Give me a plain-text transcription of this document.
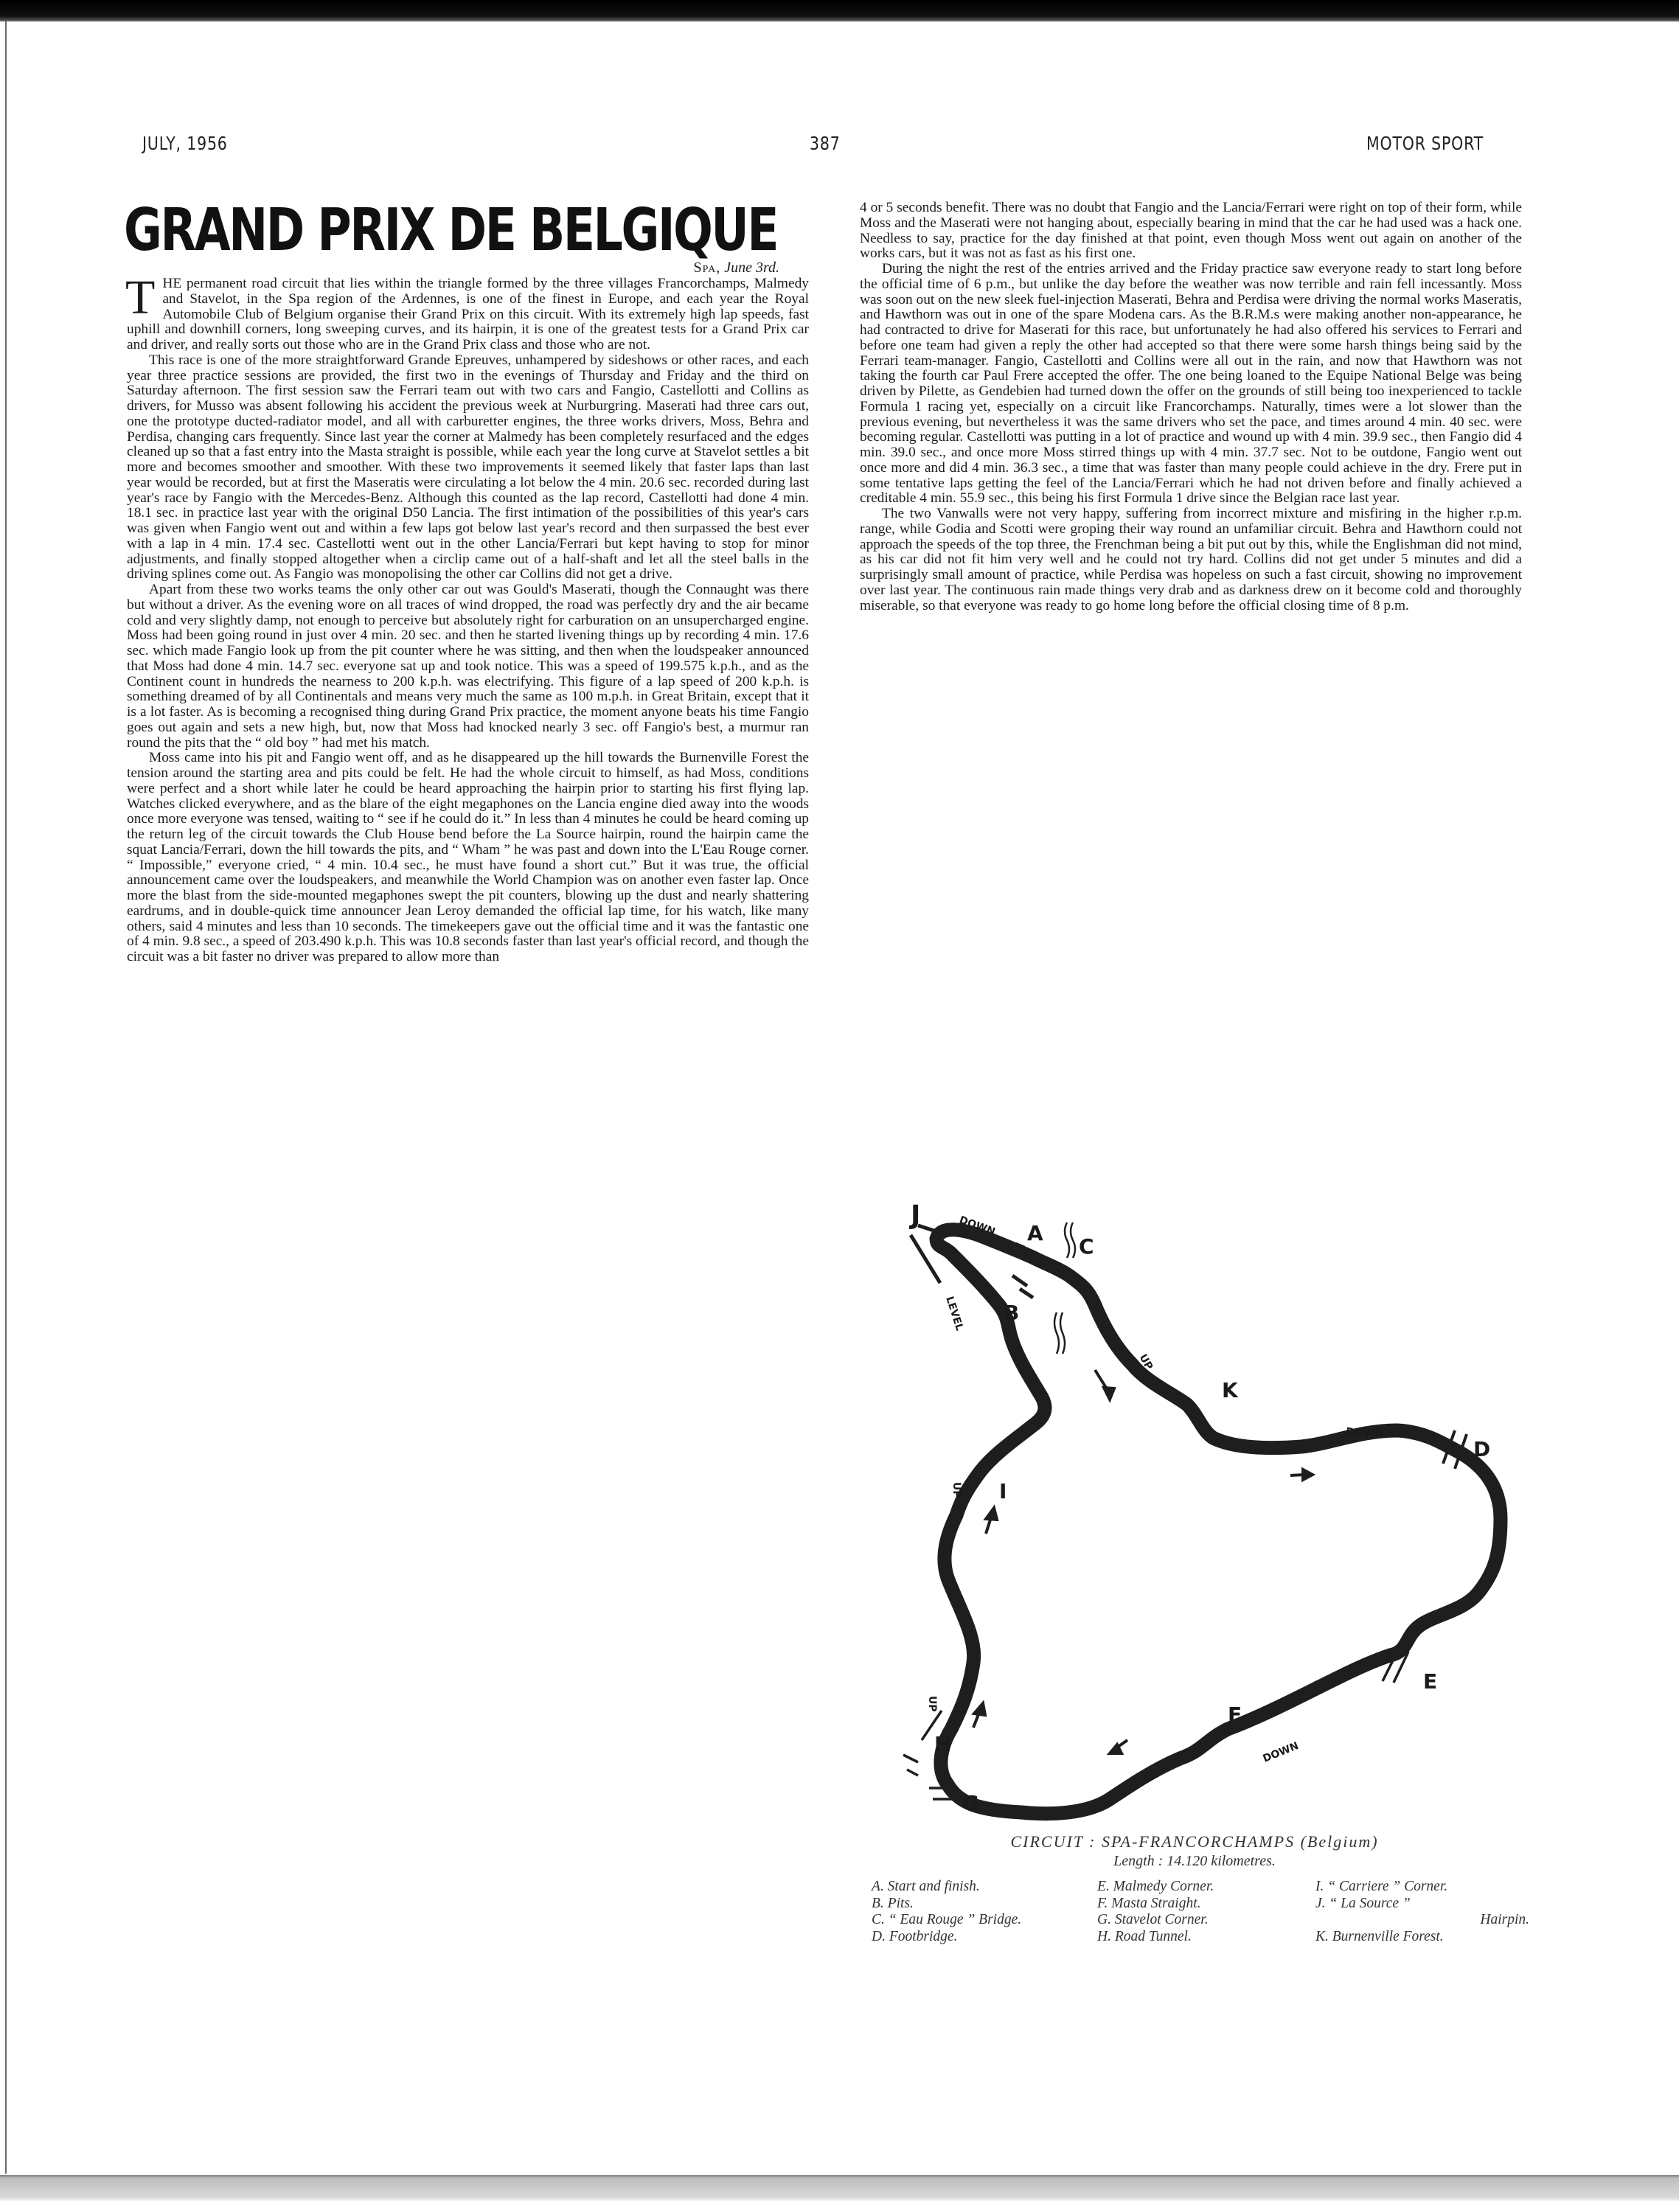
JULY, 1956	387	MOTOR SPORT
GRAND PRIX DE BELGIQUE
Spa, June 3rd.

THE permanent road circuit that lies within the triangle formed by the three villages Francorchamps, Malmedy and Stavelot, in the Spa region of the Ardennes, is one of the finest in Europe, and each year the Royal Automobile Club of Belgium organise their Grand Prix on this circuit. With its extremely high lap speeds, fast uphill and downhill corners, long sweeping curves, and its hairpin, it is one of the greatest tests for a Grand Prix car and driver, and really sorts out those who are in the Grand Prix class and those who are not.

This race is one of the more straightforward Grande Epreuves, unhampered by sideshows or other races, and each year three practice sessions are provided, the first two in the evenings of Thursday and Friday and the third on Saturday afternoon. The first session saw the Ferrari team out with two cars and Fangio, Castellotti and Collins as drivers, for Musso was absent following his accident the previous week at Nurburgring. Maserati had three cars out, one the prototype ducted-radiator model, and all with carburetter engines, the three works drivers, Moss, Behra and Perdisa, changing cars frequently. Since last year the corner at Malmedy has been completely resurfaced and the edges cleaned up so that a fast entry into the Masta straight is possible, while each year the long curve at Stavelot settles a bit more and becomes smoother and smoother. With these two improvements it seemed likely that faster laps than last year would be recorded, but at first the Maseratis were circulating a lot below the 4 min. 20.6 sec. recorded during last year's race by Fangio with the Mercedes-Benz. Although this counted as the lap record, Castellotti had done 4 min. 18.1 sec. in practice last year with the original D50 Lancia. The first intimation of the possibilities of this year's cars was given when Fangio went out and within a few laps got below last year's record and then surpassed the best ever with a lap in 4 min. 17.4 sec. Castellotti went out in the other Lancia/Ferrari but kept having to stop for minor adjustments, and finally stopped altogether when a circlip came out of a half-shaft and let all the steel balls in the driving splines come out. As Fangio was monopolising the other car Collins did not get a drive.

Apart from these two works teams the only other car out was Gould's Maserati, though the Connaught was there but without a driver. As the evening wore on all traces of wind dropped, the road was perfectly dry and the air became cold and very slightly damp, not enough to perceive but absolutely right for carburation on an unsupercharged engine. Moss had been going round in just over 4 min. 20 sec. and then he started livening things up by recording 4 min. 17.6 sec. which made Fangio look up from the pit counter where he was sitting, and then when the loudspeaker announced that Moss had done 4 min. 14.7 sec. everyone sat up and took notice. This was a speed of 199.575 k.p.h., and as the Continent count in hundreds the nearness to 200 k.p.h. was electrifying. This figure of a lap speed of 200 k.p.h. is something dreamed of by all Continentals and means very much the same as 100 m.p.h. in Great Britain, except that it is a lot faster. As is becoming a recognised thing during Grand Prix practice, the moment anyone beats his time Fangio goes out again and sets a new high, but, now that Moss had knocked nearly 3 sec. off Fangio's best, a murmur ran round the pits that the “ old boy ” had met his match.

Moss came into his pit and Fangio went off, and as he disappeared up the hill towards the Burnenville Forest the tension around the starting area and pits could be felt. He had the whole circuit to himself, as had Moss, conditions were perfect and a short while later he could be heard approaching the hairpin prior to starting his first flying lap. Watches clicked everywhere, and as the blare of the eight megaphones on the Lancia engine died away into the woods once more everyone was tensed, waiting to “ see if he could do it.” In less than 4 minutes he could be heard coming up the return leg of the circuit towards the Club House bend before the La Source hairpin, round the hairpin came the squat Lancia/Ferrari, down the hill towards the pits, and “ Wham ” he was past and down into the L'Eau Rouge corner. “ Impossible,” everyone cried, “ 4 min. 10.4 sec., he must have found a short cut.” But it was true, the official announcement came over the loudspeakers, and meanwhile the World Champion was on another even faster lap. Once more the blast from the side-mounted megaphones swept the pit counters, blowing up the dust and nearly shattering eardrums, and in double-quick time announcer Jean Leroy demanded the official lap time, for his watch, like many others, said 4 minutes and less than 10 seconds. The timekeepers gave out the official time and it was the fantastic one of 4 min. 9.8 sec., a speed of 203.490 k.p.h. This was 10.8 seconds faster than last year's official record, and though the circuit was a bit faster no driver was prepared to allow more than

4 or 5 seconds benefit. There was no doubt that Fangio and the Lancia/Ferrari were right on top of their form, while Moss and the Maserati were not hanging about, especially bearing in mind that the car he had used was a hack one. Needless to say, practice for the day finished at that point, even though Moss went out again on another of the works cars, but it was not as fast as his first one.

During the night the rest of the entries arrived and the Friday practice saw everyone ready to start long before the official time of 6 p.m., but unlike the day before the weather was now terrible and rain fell incessantly. Moss was soon out on the new sleek fuel-injection Maserati, Behra and Perdisa were driving the normal works Maseratis, and Hawthorn was out in one of the spare Modena cars. As the B.R.M.s were making another non-appearance, he had contracted to drive for Maserati for this race, but unfortunately he had also offered his services to Ferrari and before one team had given a reply the other had accepted so that there were some harsh things being said by the Ferrari team-manager. Fangio, Castellotti and Collins were all out in the rain, and now that Hawthorn was not taking the fourth car Paul Frere accepted the offer. The one being loaned to the Equipe National Belge was being driven by Pilette, as Gendebien had turned down the offer on the grounds of still being too inexperienced to tackle Formula 1 racing yet, especially on a circuit like Francorchamps. Naturally, times were a lot slower than the previous evening, but nevertheless it was the same drivers who set the pace, and times around 4 min. 40 sec. were becoming regular. Castellotti was putting in a lot of practice and wound up with 4 min. 39.9 sec., then Fangio did 4 min. 39.0 sec., and once more Moss stirred things up with 4 min. 37.7 sec. Not to be outdone, Fangio went out once more and did 4 min. 36.3 sec., a time that was faster than many people could achieve in the dry. Frere put in some tentative laps getting the feel of the Lancia/Ferrari which he had not driven before and finally achieved a creditable 4 min. 55.9 sec., this being his first Formula 1 drive since the Belgian race last year.

The two Vanwalls were not very happy, suffering from incorrect mixture and misfiring in the higher r.p.m. range, while Godia and Scotti were groping their way round an unfamiliar circuit. Behra and Hawthorn could not approach the speeds of the top three, the Frenchman being a bit put out by this, while the Englishman did not mind, as his car did not fit him very well and he could not try hard. Collins did not get under 5 minutes and did a surprisingly small amount of practice, while Perdisa was hopeless on such a fast circuit, showing no improvement over last year. The continuous rain made things very drab and as darkness drew on it become cold and thoroughly miserable, so that everyone was ready to go home long before the official closing time of 8 p.m.

J
A
B
C
K
D
E
F
G
H
I
DOWN
LEVEL
UP
DOWN
DOWN
UP
UP
CIRCUIT : SPA-FRANCORCHAMPS (Belgium)
Length : 14.120 kilometres.
A. Start and finish.	E. Malmedy Corner.	I. “ Carriere ” Corner.
B. Pits.	F. Masta Straight.	J. “ La Source ”
C. “ Eau Rouge ” Bridge.	G. Stavelot Corner.	Hairpin.
D. Footbridge.	H. Road Tunnel.	K. Burnenville Forest.
